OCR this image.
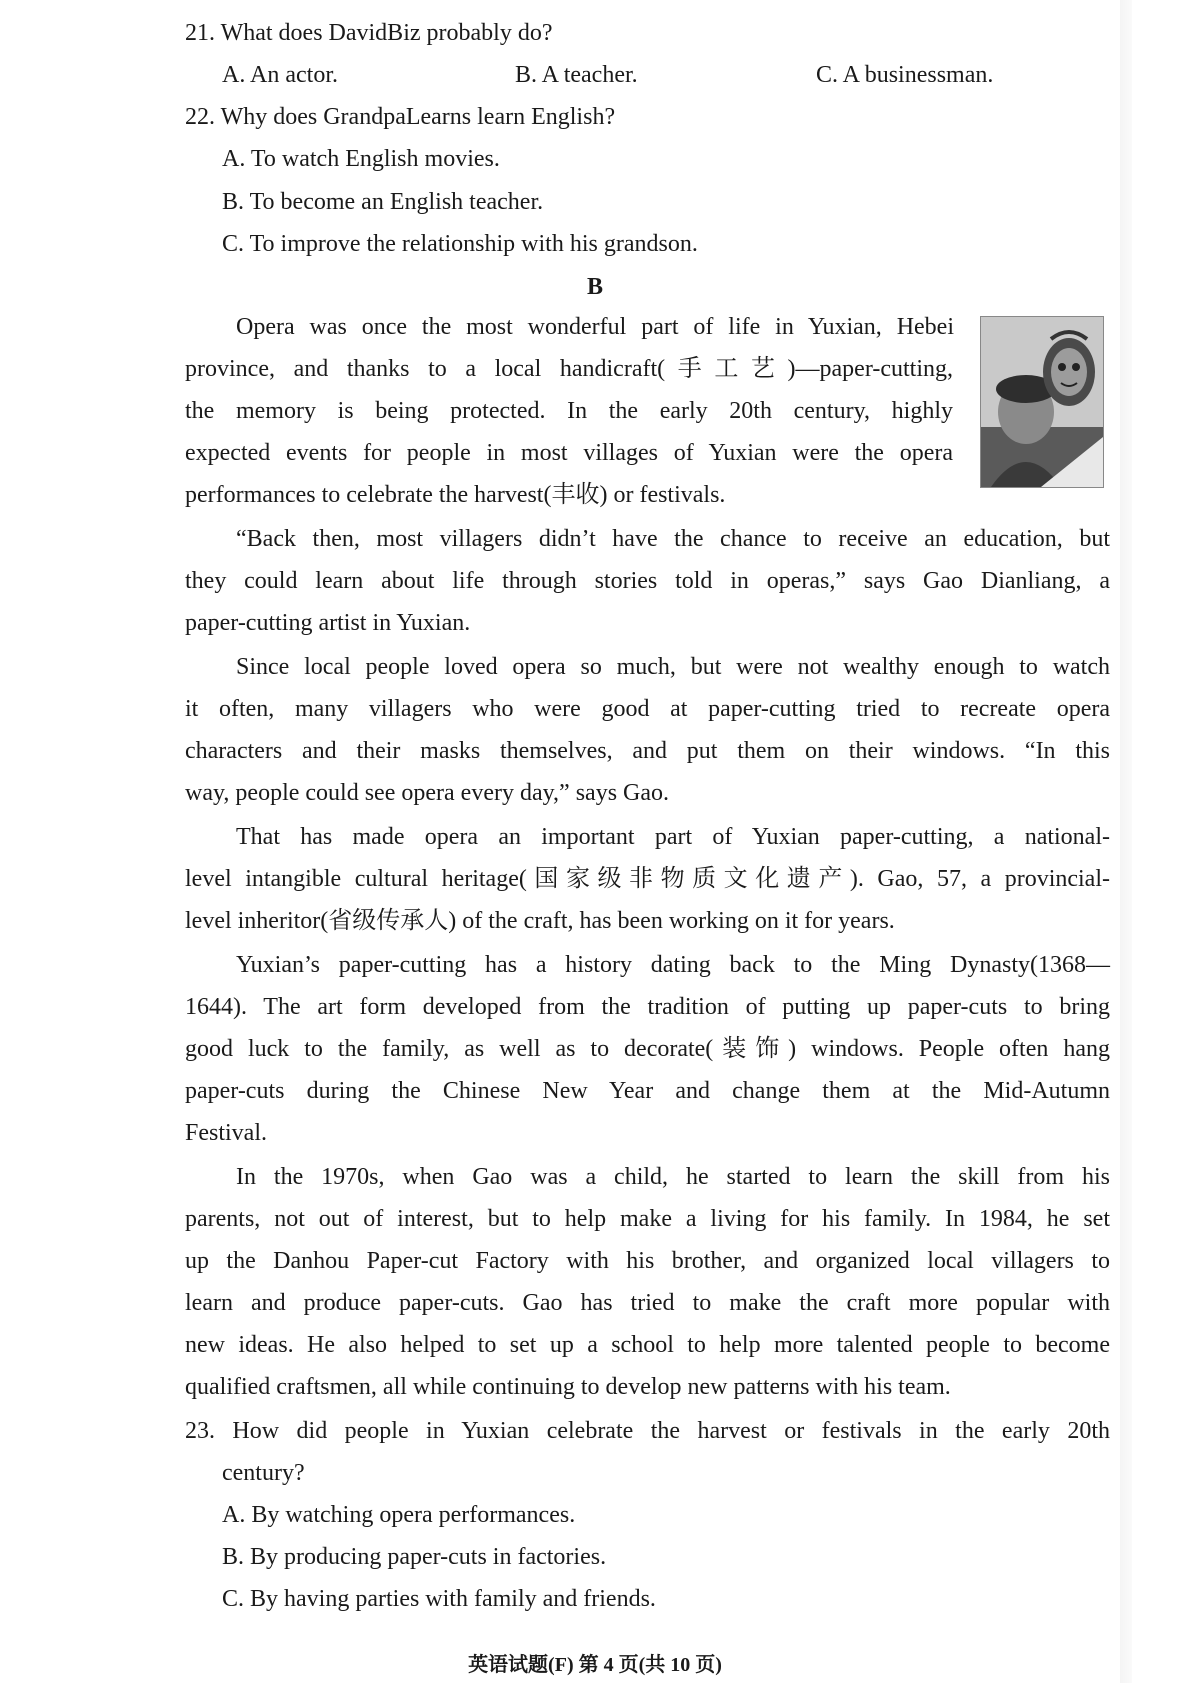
21. What does DavidBiz probably do?
A. An actor.	B. A teacher.	C. A businessman.
22. Why does GrandpaLearns learn English?
A. To watch English movies.
B. To become an English teacher.
C. To improve the relationship with his grandson.
B
Opera was once the most wonderful part of life in Yuxian, Hebei
province, and thanks to a local handicraft(手工艺)—paper-cutting,
the memory is being protected. In the early 20th century, highly
expected events for people in most villages of Yuxian were the opera
performances to celebrate the harvest(丰收) or festivals.
“Back then, most villagers didn’t have the chance to receive an education, but
they could learn about life through stories told in operas,” says Gao Dianliang, a
paper-cutting artist in Yuxian.
Since local people loved opera so much, but were not wealthy enough to watch
it often, many villagers who were good at paper-cutting tried to recreate opera
characters and their masks themselves, and put them on their windows. “In this
way, people could see opera every day,” says Gao.
That has made opera an important part of Yuxian paper-cutting, a national-
level intangible cultural heritage(国家级非物质文化遗产). Gao, 57, a provincial-
level inheritor(省级传承人) of the craft, has been working on it for years.
Yuxian’s paper-cutting has a history dating back to the Ming Dynasty(1368—
1644). The art form developed from the tradition of putting up paper-cuts to bring
good luck to the family, as well as to decorate(装饰) windows. People often hang
paper-cuts during the Chinese New Year and change them at the Mid-Autumn
Festival.
In the 1970s, when Gao was a child, he started to learn the skill from his
parents, not out of interest, but to help make a living for his family. In 1984, he set
up the Danhou Paper-cut Factory with his brother, and organized local villagers to
learn and produce paper-cuts. Gao has tried to make the craft more popular with
new ideas. He also helped to set up a school to help more talented people to become
qualified craftsmen, all while continuing to develop new patterns with his team.
23. How did people in Yuxian celebrate the harvest or festivals in the early 20th
century?
A. By watching opera performances.
B. By producing paper-cuts in factories.
C. By having parties with family and friends.
英语试题(F) 第 4 页(共 10 页)
